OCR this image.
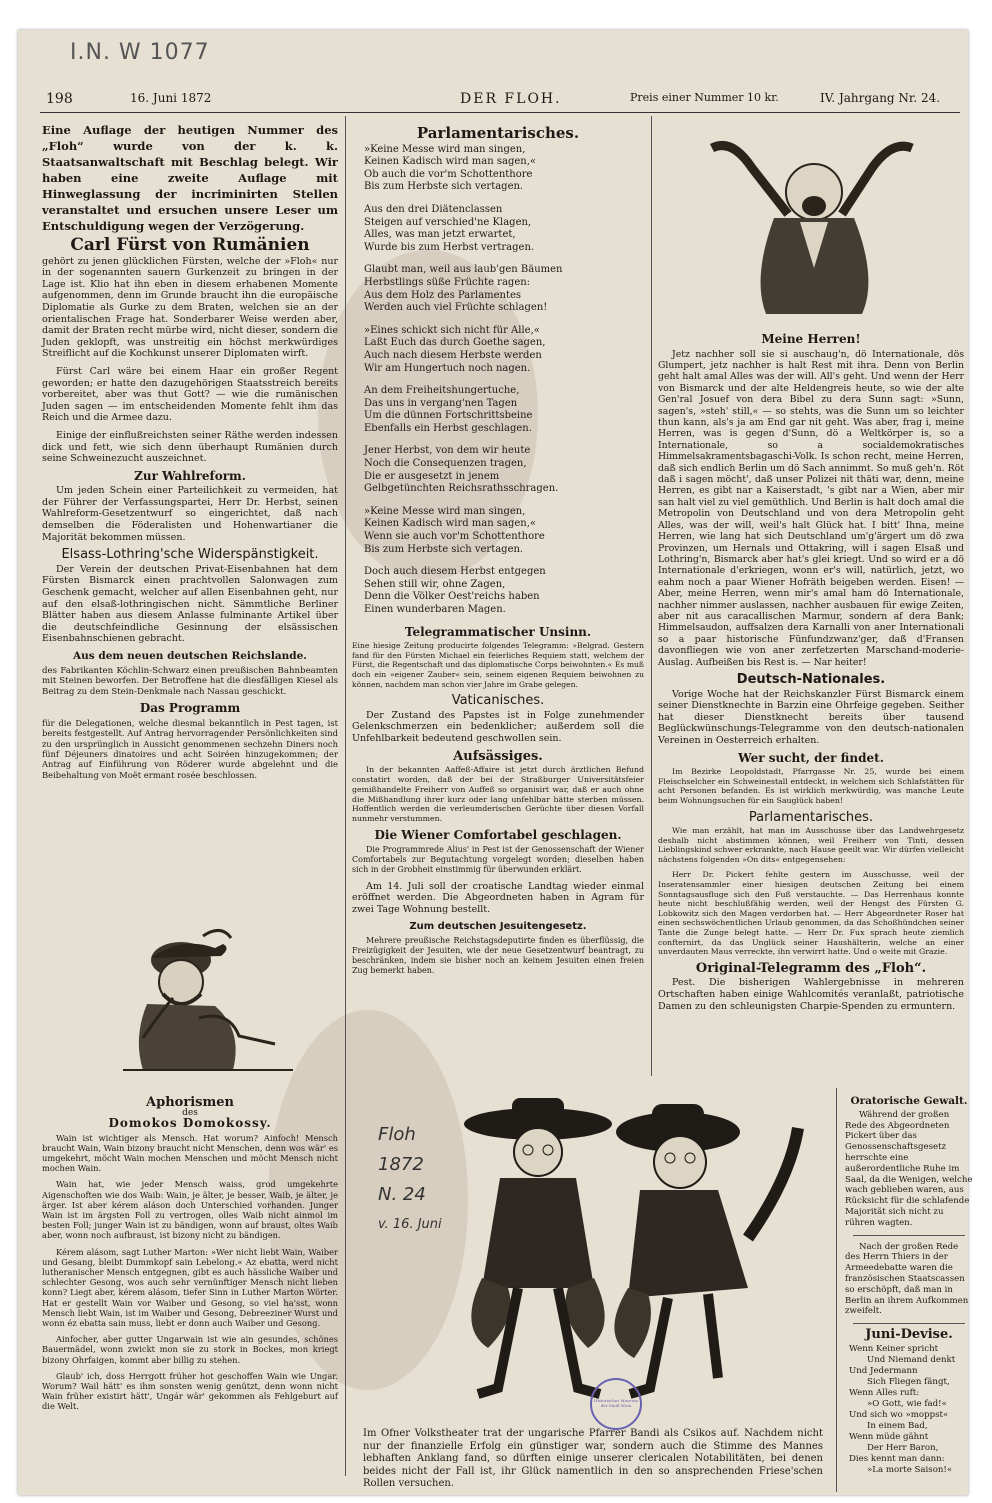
I.N. W 1077
198	16. Juni 1872	DER FLOH.	Preis einer Nummer 10 kr.	IV. Jahrgang Nr. 24.
Eine Auflage der heutigen Nummer des „Floh“ wurde von der k. k. Staatsanwaltschaft mit Beschlag belegt. Wir haben eine zweite Auflage mit Hinweglassung der incriminirten Stellen veranstaltet und ersuchen unsere Leser um Entschuldigung wegen der Verzögerung.
Carl Fürst von Rumänien

gehört zu jenen glücklichen Fürsten, welche der »Floh« nur in der sogenannten sauern Gurkenzeit zu bringen in der Lage ist. Klio hat ihn eben in diesem erhabenen Momente aufgenommen, denn im Grunde braucht ihn die europäische Diplomatie als Gurke zu dem Braten, welchen sie an der orientalischen Frage hat. Sonderbarer Weise werden aber, damit der Braten recht mürbe wird, nicht dieser, sondern die Juden geklopft, was unstreitig ein höchst merkwürdiges Streiflicht auf die Kochkunst unserer Diplomaten wirft.

Fürst Carl wäre bei einem Haar ein großer Regent geworden; er hatte den dazugehörigen Staatsstreich bereits vorbereitet, aber was thut Gott? — wie die rumänischen Juden sagen — im entscheidenden Momente fehlt ihm das Reich und die Armee dazu.

Einige der einflußreichsten seiner Räthe werden indessen dick und fett, wie sich denn überhaupt Rumänien durch seine Schweinezucht auszeichnet.

Zur Wahlreform.

Um jeden Schein einer Parteilichkeit zu vermeiden, hat der Führer der Verfassungspartei, Herr Dr. Herbst, seinen Wahlreform-Gesetzentwurf so eingerichtet, daß nach demselben die Föderalisten und Hohenwartianer die Majorität bekommen müssen.

Elsass-Lothring'sche Widerspänstigkeit.

Der Verein der deutschen Privat-Eisenbahnen hat dem Fürsten Bismarck einen prachtvollen Salonwagen zum Geschenk gemacht, welcher auf allen Eisenbahnen geht, nur auf den elsaß-lothringischen nicht. Sämmtliche Berliner Blätter haben aus diesem Anlasse fulminante Artikel über die deutschfeindliche Gesinnung der elsässischen Eisenbahnschienen gebracht.

Aus dem neuen deutschen Reichslande.

des Fabrikanten Köchlin-Schwarz einen preußischen Bahnbeamten mit Steinen beworfen. Der Betroffene hat die diesfälligen Kiesel als Beitrag zu dem Stein-Denkmale nach Nassau geschickt.

Das Programm

für die Delegationen, welche diesmal bekanntlich in Pest tagen, ist bereits festgestellt. Auf Antrag hervorragender Persönlichkeiten sind zu den ursprünglich in Aussicht genommenen sechzehn Diners noch fünf Déjeuners dinatoires und acht Soiréen hinzugekommen; der Antrag auf Einführung von Röderer wurde abgelehnt und die Beibehaltung von Moët ermant rosée beschlossen.

Aphorismen
des
Domokos Domokossy.

Wain ist wichtiger als Mensch. Hat worum? Ainfoch! Mensch braucht Wain, Wain bizony braucht nicht Menschen, denn wos wär' es umgekehrt, möcht Wain mochen Menschen und möcht Mensch nicht mochen Wain.

Wain hat, wie jeder Mensch waiss, grod umgekehrte Aigenschoften wie dos Waib: Wain, je älter, je besser, Waib, je älter, je ärger. Ist aber kérem aláson doch Unterschied vorhanden. Junger Wain ist im ärgsten Foll zu vertrogen, olles Waib nicht ainmol im besten Foll; junger Wain ist zu bändigen, wonn auf braust, oltes Waib aber, wonn noch aufbraust, ist bizony nicht zu bändigen.

Kérem alásom, sagt Luther Marton: »Wer nicht liebt Wain, Waiber und Gesang, bleibt Dummkopf sain Lebelong.« Az ebatta, werd nicht lutheranischer Mensch entgegnen, gibt es auch hässliche Waiber und schlechter Gesong, wos auch sehr vernünftiger Mensch nicht lieben konn? Liegt aber, kérem alásom, tiefer Sinn in Luther Marton Wörter. Hat er gestellt Wain vor Waiber und Gesong, so viel ha'sst, wonn Mensch liebt Wain, ist im Waiber und Gesong, Debreeziner Wurst und wonn éz ebatta sain muss, liebt er donn auch Waiber und Gesong.

Ainfocher, aber gutter Ungarwain ist wie ain gesundes, schönes Bauermädel, wonn zwickt mon sie zu stork in Bockes, mon kriegt bizony Ohrfaigen, kommt aber billig zu stehen.

Glaub' ich, doss Herrgott früher hot geschoffen Wain wie Ungar. Worum? Wail hätt' es ihm sonsten wenig genützt, denn wonn nicht Wain früher existirt hätt', Ungár wär' gekommen als Fehlgeburt auf die Welt.

Parlamentarisches.
»Keine Messe wird man singen,
Keinen Kadisch wird man sagen,«
Ob auch die vor'm Schottenthore
Bis zum Herbste sich vertagen.
Aus den drei Diätenclassen
Steigen auf verschied'ne Klagen,
Alles, was man jetzt erwartet,
Wurde bis zum Herbst vertragen.
Glaubt man, weil aus laub'gen Bäumen
Herbstlings süße Früchte ragen:
Aus dem Holz des Parlamentes
Werden auch viel Früchte schlagen!
»Eines schickt sich nicht für Alle,«
Laßt Euch das durch Goethe sagen,
Auch nach diesem Herbste werden
Wir am Hungertuch noch nagen.
An dem Freiheitshungertuche,
Das uns in vergang'nen Tagen
Um die dünnen Fortschrittsbeine
Ebenfalls ein Herbst geschlagen.
Jener Herbst, von dem wir heute
Noch die Consequenzen tragen,
Die er ausgesetzt in jenem
Gelbgetünchten Reichsrathsschragen.
»Keine Messe wird man singen,
Keinen Kadisch wird man sagen,«
Wenn sie auch vor'm Schottenthore
Bis zum Herbste sich vertagen.
Doch auch diesem Herbst entgegen
Sehen still wir, ohne Zagen,
Denn die Völker Oest'reichs haben
Einen wunderbaren Magen.
Telegrammatischer Unsinn.

Eine hiesige Zeitung producirte folgendes Telegramm: »Belgrad. Gestern fand für den Fürsten Michael ein feierliches Requiem statt, welchem der Fürst, die Regentschaft und das diplomatische Corps beiwohnten.« Es muß doch ein »eigener Zauber« sein, seinem eigenen Requiem beiwohnen zu können, nachdem man schon vier Jahre im Grabe gelegen.

Vaticanisches.

Der Zustand des Papstes ist in Folge zunehmender Gelenkschmerzen ein bedenklicher; außerdem soll die Unfehlbarkeit bedeutend geschwollen sein.

Aufsässiges.

In der bekannten Aaffeß-Affaire ist jetzt durch ärztlichen Befund constatirt worden, daß der bei der Straßburger Universitätsfeier gemißhandelte Freiherr von Auffeß so organisirt war, daß er auch ohne die Mißhandlung ihrer kurz oder lang unfehlbar hätte sterben müssen. Hoffentlich werden die verleumderischen Gerüchte über diesen Vorfall nunmehr verstummen.

Die Wiener Comfortabel geschlagen.

Die Programmrede Alius' in Pest ist der Genossenschaft der Wiener Comfortabels zur Begutachtung vorgelegt worden; dieselben haben sich in der Grobheit einstimmig für überwunden erklärt.

Am 14. Juli soll der croatische Landtag wieder einmal eröffnet werden. Die Abgeordneten haben in Agram für zwei Tage Wohnung bestellt.

Zum deutschen Jesuitengesetz.

Mehrere preußische Reichstagsdeputirte finden es überflüssig, die Freizügigkeit der Jesuiten, wie der neue Gesetzentwurf beantragt, zu beschränken, indem sie bisher noch an keinem Jesuiten einen freien Zug bemerkt haben.

Floh
1872
N. 24
v. 16. Juni
Historisches Museum der Stadt Wien
Im Ofner Volkstheater trat der ungarische Pfarrer Bandi als Csikos auf. Nachdem nicht nur der finanzielle Erfolg ein günstiger war, sondern auch die Stimme des Mannes lebhaften Anklang fand, so dürften einige unserer clericalen Notabilitäten, bei denen beides nicht der Fall ist, ihr Glück namentlich in den so ansprechenden Friese'schen Rollen versuchen.
Meine Herren!

Jetz nachher soll sie si auschaug'n, dö Internationale, dös Glumpert, jetz nachher is halt Rest mit ihra. Denn von Berlin geht halt amal Alles was der will. All's geht. Und wenn der Herr von Bismarck und der alte Heldengreis heute, so wie der alte Gen'ral Josuef von dera Bibel zu dera Sunn sagt: »Sunn, sagen's, »steh' still,« — so stehts, was die Sunn um so leichter thun kann, als's ja am End gar nit geht. Was aber, frag i, meine Herren, was is gegen d'Sunn, dö a Weltkörper is, so a Internationale, so a socialdemokratisches Himmelsakramentsbagaschi-Volk. Is schon recht, meine Herren, daß sich endlich Berlin um dö Sach annimmt. So muß geh'n. Röt daß i sagen möcht', daß unser Polizei nit thäti war, denn, meine Herren, es gibt nar a Kaiserstadt, 's gibt nar a Wien, aber mir san halt viel zu viel gemüthlich. Und Berlin is halt doch amal die Metropolin von Deutschland und von dera Metropolin geht Alles, was der will, weil's halt Glück hat. I bitt' Ihna, meine Herren, wie lang hat sich Deutschland um'g'ärgert um dö zwa Provinzen, um Hernals und Ottakring, will i sagen Elsaß und Lothring'n, Bismarck aber hat's glei kriegt. Und so wird er a dö Internationale d'erkriegen, wonn er's will, natürlich, jetzt, wo eahm noch a paar Wiener Hofräth beigeben werden. Eisen! — Aber, meine Herren, wenn mir's amal ham dö Internationale, nachher nimmer auslassen, nachher ausbauen für ewige Zeiten, aber nit aus caracallischen Marmur, sondern af dera Bank; Himmelsaudon, auffsalzen dera Karnalli von aner Internationali so a paar historische Fünfundzwanz'ger, daß d'Fransen davonfliegen wie von aner zerfetzerten Marschand-moderie-Auslag. Aufbeißen bis Rest is. — Nar heiter!

Deutsch-Nationales.

Vorige Woche hat der Reichskanzler Fürst Bismarck einem seiner Dienstknechte in Barzin eine Ohrfeige gegeben. Seither hat dieser Dienstknecht bereits über tausend Beglückwünschungs-Telegramme von den deutsch-nationalen Vereinen in Oesterreich erhalten.

Wer sucht, der findet.

Im Bezirke Leopoldstadt, Pfarrgasse Nr. 25, wurde bei einem Fleischselcher ein Schweinestall entdeckt, in welchem sich Schlafstätten für acht Personen befanden. Es ist wirklich merkwürdig, was manche Leute beim Wohnungsuchen für ein Sauglück haben!

Parlamentarisches.

Wie man erzählt, hat man im Ausschusse über das Landwehrgesetz deshalb nicht abstimmen können, weil Freiherr von Tinti, dessen Lieblingskind schwer erkrankte, nach Hause geeilt war. Wir dürfen vielleicht nächstens folgenden »On dits« entgegensehen:

Herr Dr. Pickert fehlte gestern im Ausschusse, weil der Inseratensammler einer hiesigen deutschen Zeitung bei einem Sonntagsausfluge sich den Fuß verstauchte. — Das Herrenhaus konnte heute nicht beschlußfähig werden, weil der Hengst des Fürsten G. Lobkowitz sich den Magen verdorben hat. — Herr Abgeordneter Roser hat einen sechswöchentlichen Urlaub genommen, da das Schoßhündchen seiner Tante die Zunge belegt hatte. — Herr Dr. Fux sprach heute ziemlich confternirt, da das Unglück seiner Haushälterin, welche an einer unverdauten Maus verreckte, ihn verwirrt hatte. Und o weite mit Grazie.

Original-Telegramm des „Floh“.

Pest. Die bisherigen Wahlergebnisse in mehreren Ortschaften haben einige Wahlcomités veranlaßt, patriotische Damen zu den schleunigsten Charpie-Spenden zu ermuntern.

Oratorische Gewalt.

Während der großen Rede des Abgeordneten Pickert über das Genossenschaftsgesetz herrschte eine außerordentliche Ruhe im Saal, da die Wenigen, welche wach geblieben waren, aus Rücksicht für die schlafende Majorität sich nicht zu rühren wagten.

Nach der großen Rede des Herrn Thiers in der Armeedebatte waren die französischen Staatscassen so erschöpft, daß man in Berlin an ihrem Aufkommen zweifelt.

Juni-Devise.
Wenn Keiner spricht
Und Niemand denkt
Und Jedermann
Sich Fliegen fängt,
Wenn Alles ruft:
»O Gott, wie fad!«
Und sich wo »moppst«
In einem Bad,
Wenn müde gähnt
Der Herr Baron,
Dies kennt man dann:
»La morte Saison!«
